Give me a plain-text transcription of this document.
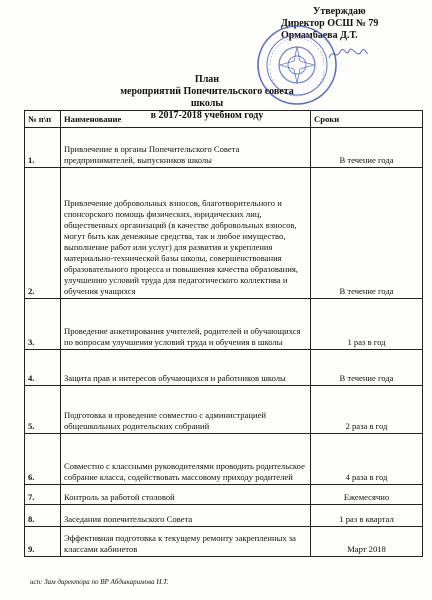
Утверждаю
Директор ОСШ № 79
Ормамбаева Д.Т.
План
мероприятий Попечительского совета школы
в 2017-2018 учебном году
№ п\п	Наименование	Сроки
1.	Привлечение в органы Попечительского Совета предпринимателей, выпускников школы	В течение года
2.	Привлечение добровольных взносов, благотворительного и спонсорского помощь физических, юридических лиц, общественных организаций (в качестве добровольных взносов, могут быть как денежные средства, так и любое имущество, выполнение работ или услуг) для развития и укрепления материально-технической базы школы, совершенствования образовательного процесса и повышения качества образования, улучшению условий труда для педагогического коллектива и обучения учащихся	В течение года
3.	Проведение анкетирования учителей, родителей и обучающихся по вопросам улучшения условий труда и обучения в школы	1 раз в год
4.	Защита прав и интересов обучающихся и работников школы	В течение года
5.	Подготовка и проведение совместно с администрацией общешкольных родительских собраний	2 раза в год
6.	Совместно с классными руководителями проводить родительское собрание класса, содействовать массовому приходу родителей	4 раза в год
7.	Контроль за работой столовой	Ежемесячно
8.	Заседания попечительского Совета	1 раз в квартал
9.	Эффективная подготовка к текущему ремонту закрепленных за классами кабинетов	Март 2018
исп: Зам директора по ВР Абдыкаримова Н.Т.
